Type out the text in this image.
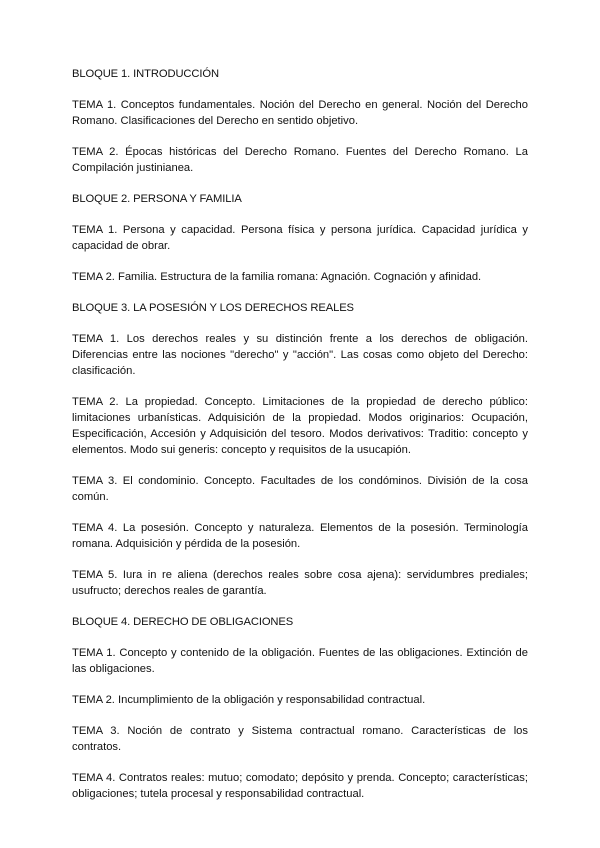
BLOQUE 1. INTRODUCCIÓN

TEMA 1. Conceptos fundamentales. Noción del Derecho en general. Noción del Derecho Romano. Clasificaciones del Derecho en sentido objetivo.

TEMA 2. Épocas históricas del Derecho Romano. Fuentes del Derecho Romano. La Compilación justinianea.

BLOQUE 2. PERSONA Y FAMILIA

TEMA 1. Persona y capacidad. Persona física y persona jurídica. Capacidad jurídica y capacidad de obrar.

TEMA 2. Familia. Estructura de la familia romana: Agnación. Cognación y afinidad.

BLOQUE 3. LA POSESIÓN Y LOS DERECHOS REALES

TEMA 1. Los derechos reales y su distinción frente a los derechos de obligación. Diferencias entre las nociones "derecho" y "acción". Las cosas como objeto del Derecho: clasificación.

TEMA 2. La propiedad. Concepto. Limitaciones de la propiedad de derecho público: limitaciones urbanísticas. Adquisición de la propiedad. Modos originarios: Ocupación, Especificación, Accesión y Adquisición del tesoro. Modos derivativos: Traditio: concepto y elementos. Modo sui generis: concepto y requisitos de la usucapión.

TEMA 3. El condominio. Concepto. Facultades de los condóminos. División de la cosa común.

TEMA 4. La posesión. Concepto y naturaleza. Elementos de la posesión. Terminología romana. Adquisición y pérdida de la posesión.

TEMA 5. Iura in re aliena (derechos reales sobre cosa ajena): servidumbres prediales; usufructo; derechos reales de garantía.

BLOQUE 4. DERECHO DE OBLIGACIONES

TEMA 1. Concepto y contenido de la obligación. Fuentes de las obligaciones. Extinción de las obligaciones.

TEMA 2. Incumplimiento de la obligación y responsabilidad contractual.

TEMA 3. Noción de contrato y Sistema contractual romano. Características de los contratos.

TEMA 4. Contratos reales: mutuo; comodato; depósito y prenda. Concepto; características; obligaciones; tutela procesal y responsabilidad contractual.
